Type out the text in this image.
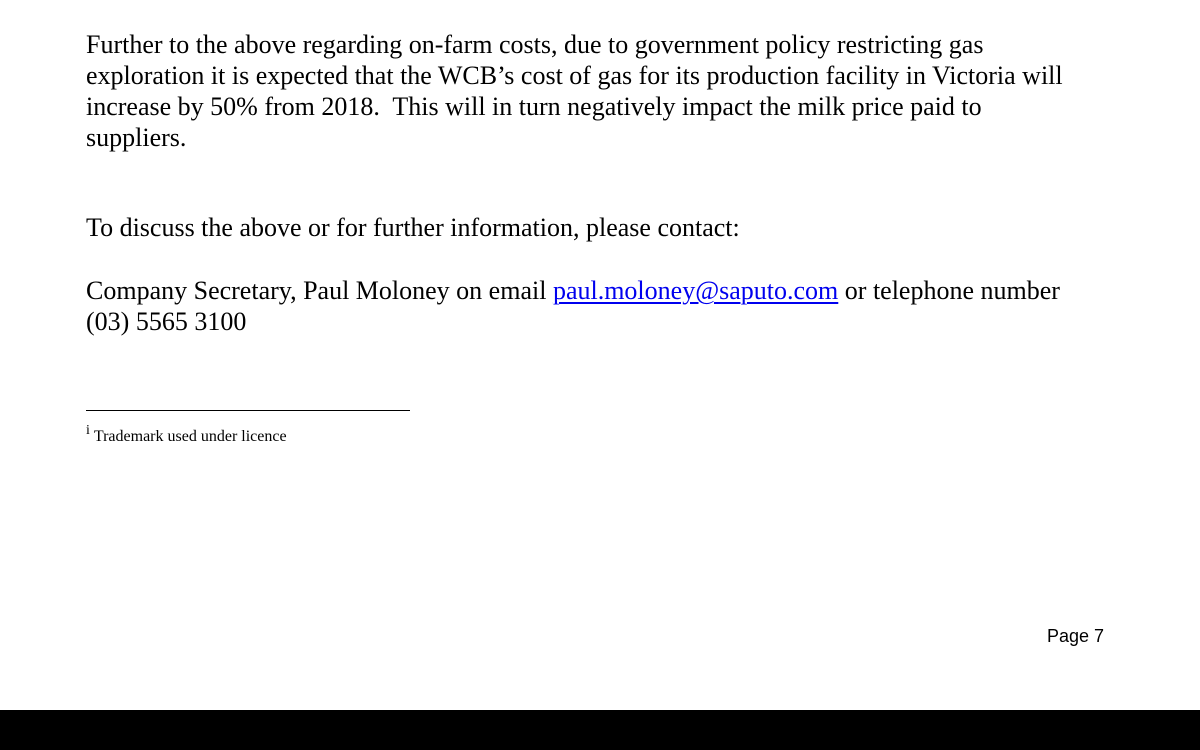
Further to the above regarding on-farm costs, due to government policy restricting gas
exploration it is expected that the WCB’s cost of gas for its production facility in Victoria will
increase by 50% from 2018.  This will in turn negatively impact the milk price paid to
suppliers.

To discuss the above or for further information, please contact:

Company Secretary, Paul Moloney on email paul.moloney@saputo.com or telephone number
(03) 5565 3100

i Trademark used under licence
Page 7
